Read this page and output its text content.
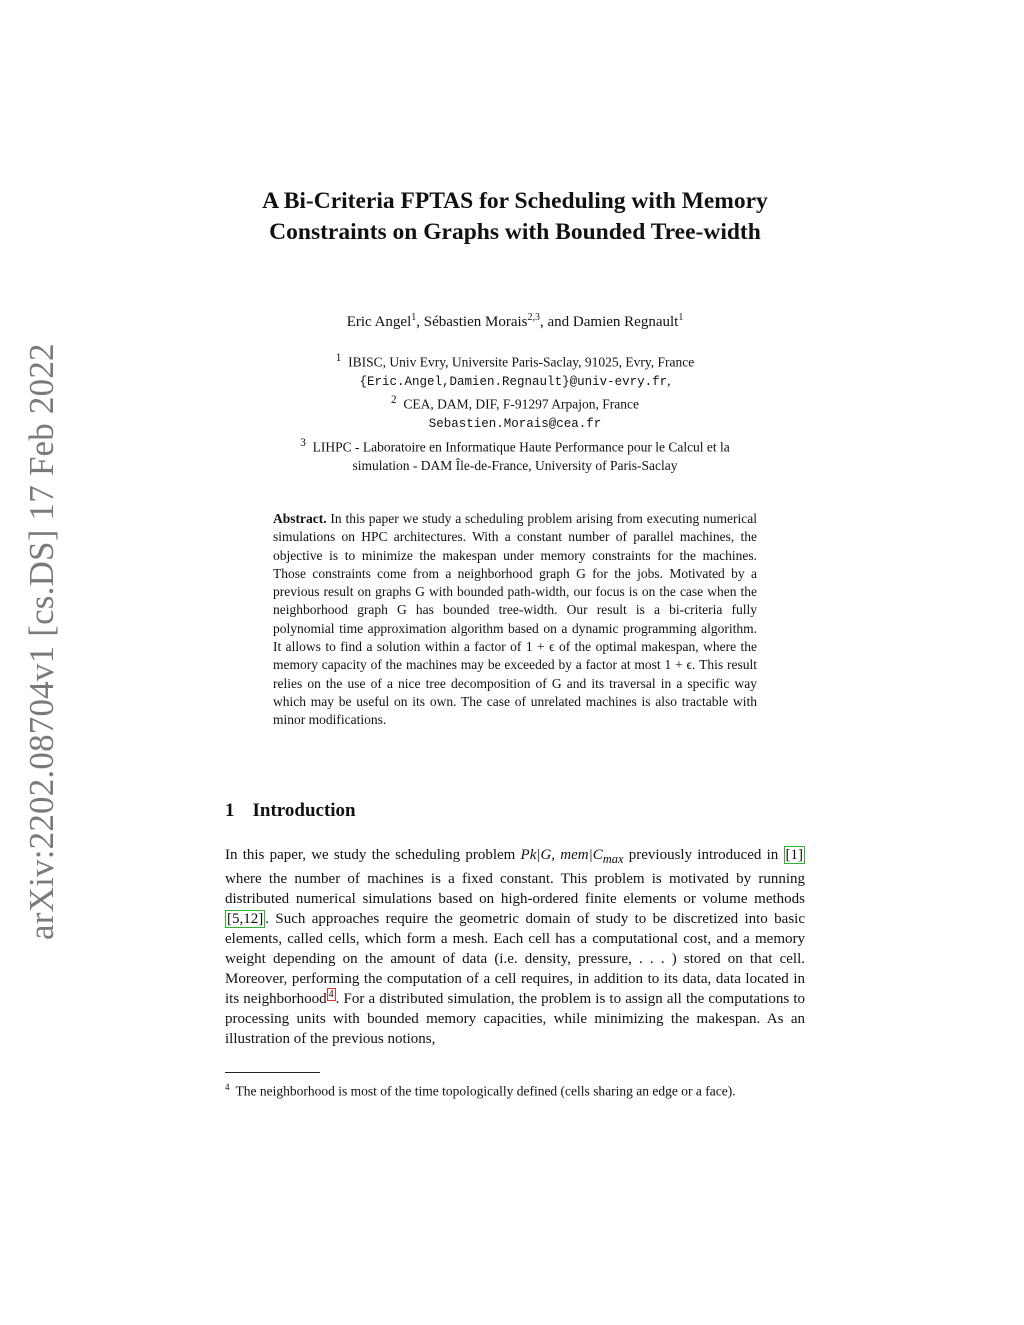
arXiv:2202.08704v1 [cs.DS] 17 Feb 2022
A Bi-Criteria FPTAS for Scheduling with Memory Constraints on Graphs with Bounded Tree-width
Eric Angel$^1$, Sébastien Morais$^{2,3}$, and Damien Regnault$^1$
$^1$ IBISC, Univ Evry, Universite Paris-Saclay, 91025, Evry, France
{Eric.Angel,Damien.Regnault}@univ-evry.fr,
$^2$ CEA, DAM, DIF, F-91297 Arpajon, France
Sebastien.Morais@cea.fr
$^3$ LIHPC - Laboratoire en Informatique Haute Performance pour le Calcul et la
simulation - DAM Île-de-France, University of Paris-Saclay
Abstract. In this paper we study a scheduling problem arising from executing numerical simulations on HPC architectures. With a constant number of parallel machines, the objective is to minimize the makespan under memory constraints for the machines. Those constraints come from a neighborhood graph G for the jobs. Motivated by a previous result on graphs G with bounded path-width, our focus is on the case when the neighborhood graph G has bounded tree-width. Our result is a bi-criteria fully polynomial time approximation algorithm based on a dynamic programming algorithm. It allows to find a solution within a factor of 1 + ϵ of the optimal makespan, where the memory capacity of the machines may be exceeded by a factor at most 1 + ϵ. This result relies on the use of a nice tree decomposition of G and its traversal in a specific way which may be useful on its own. The case of unrelated machines is also tractable with minor modifications.
1 Introduction
In this paper, we study the scheduling problem Pk|G, $mem|C_{max}$ previously introduced in [1] where the number of machines is a fixed constant. This problem is motivated by running distributed numerical simulations based on high-ordered finite elements or volume methods [5,12] . Such approaches require the geometric domain of study to be discretized into basic elements, called cells, which form a mesh. Each cell has a computational cost, and a memory weight depending on the amount of data (i.e. density, pressure, . . . ) stored on that cell. Moreover, performing the computation of a cell requires, in addition to its data, data located in its neighborhood $^4$ . For a distributed simulation, the problem is to assign all the computations to processing units with bounded memory capacities, while minimizing the makespan. As an illustration of the previous notions,
$^4$ The neighborhood is most of the time topologically defined (cells sharing an edge or a face).
